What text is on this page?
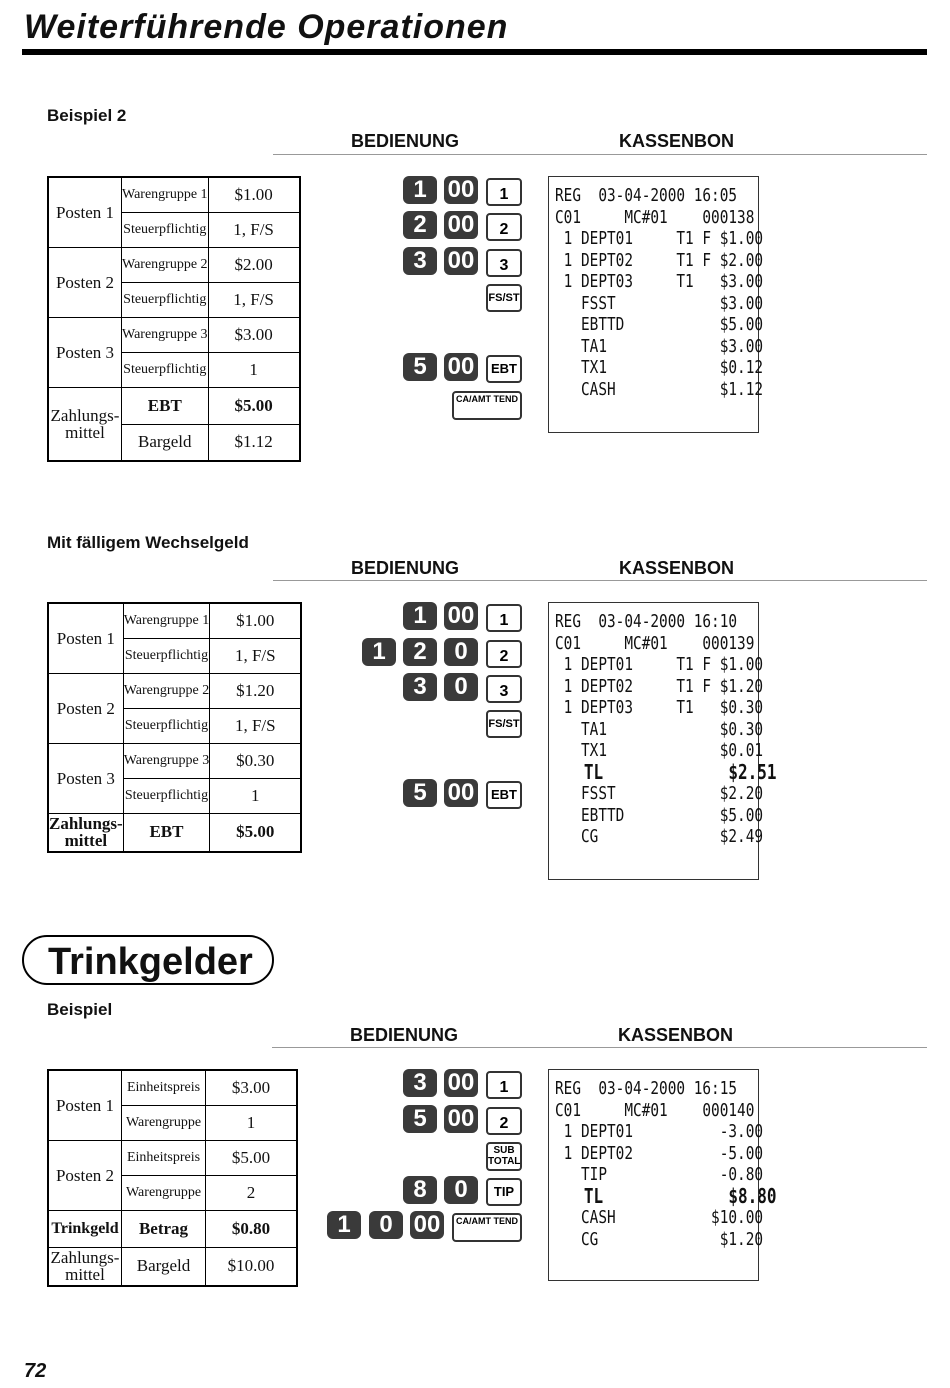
Weiterführende Operationen
Beispiel 2
BEDIENUNG	KASSENBON
Posten 1	Warengruppe 1	$1.00
	Steuerpflichtig	1, F/S
Posten 2	Warengruppe 2	$2.00
	Steuerpflichtig	1, F/S
Posten 3	Warengruppe 3	$3.00
	Steuerpflichtig	1
Zahlungs-mittel	EBT	$5.00
	Bargeld	$1.12
1 00	1
2 00	2
3 00	3
FS/ST
5 00	EBT
CA/AMT TEND
REG  03-04-2000 16:05
C01     MC#01    000138
1 DEPT01     T1 F $1.00
1 DEPT02     T1 F $2.00
1 DEPT03     T1   $3.00
FSST            $3.00
EBTTD           $5.00
TA1             $3.00
TX1             $0.12
CASH            $1.12
Mit fälligem Wechselgeld
BEDIENUNG	KASSENBON
Posten 1	Warengruppe 1	$1.00
	Steuerpflichtig	1, F/S
Posten 2	Warengruppe 2	$1.20
	Steuerpflichtig	1, F/S
Posten 3	Warengruppe 3	$0.30
	Steuerpflichtig	1
Zahlungs-mittel	EBT	$5.00
1 00	1
1	2	0	2
3	0	3
FS/ST
5 00	EBT
REG  03-04-2000 16:10
C01     MC#01    000139
1 DEPT01     T1 F $1.00
1 DEPT02     T1 F $1.20
1 DEPT03     T1   $0.30
TA1             $0.30
TX1             $0.01
TL             $2.51
FSST            $2.20
EBTTD           $5.00
CG              $2.49
Trinkgelder
Beispiel
BEDIENUNG	KASSENBON
Posten 1	Einheitspreis	$3.00
	Warengruppe	1
Posten 2	Einheitspreis	$5.00
	Warengruppe	2
Trinkgeld	Betrag	$0.80
Zahlungs-mittel	Bargeld	$10.00
3 00	1
5 00	2
SUB TOTAL
8	0	TIP
1	0 00	CA/AMT TEND
REG  03-04-2000 16:15
C01     MC#01    000140
1 DEPT01          -3.00
1 DEPT02          -5.00
TIP             -0.80
TL             $8.80
CASH           $10.00
CG              $1.20
72
